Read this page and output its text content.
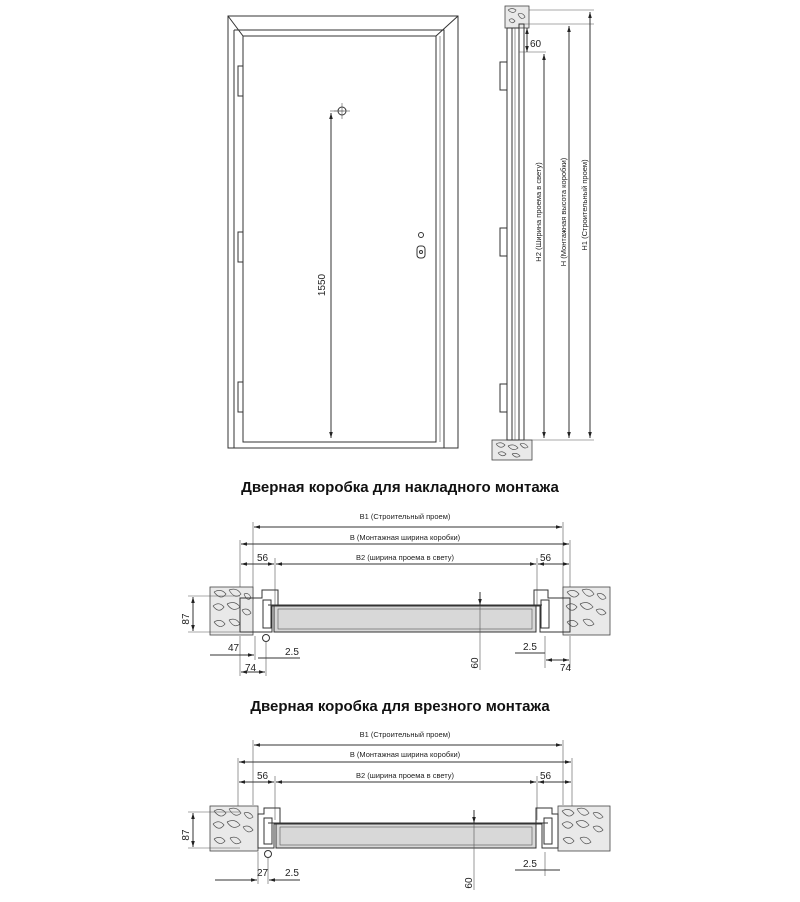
1550
60
H2 (Ширина проема в свету) H (Монтажная высота коробки) H1 (Строительный проем)
Дверная коробка для накладного монтажа
B1 (Строительный проем)
B (Монтажная ширина коробки)
B2 (ширина проема в свету)
56	56
87
47
74
2.5
60
2.5
74
Дверная коробка для врезного монтажа
B1 (Строительный проем)
B (Монтажная ширина коробки)
B2 (ширина проема в свету)
56	56
87
27 2.5
60
2.5
